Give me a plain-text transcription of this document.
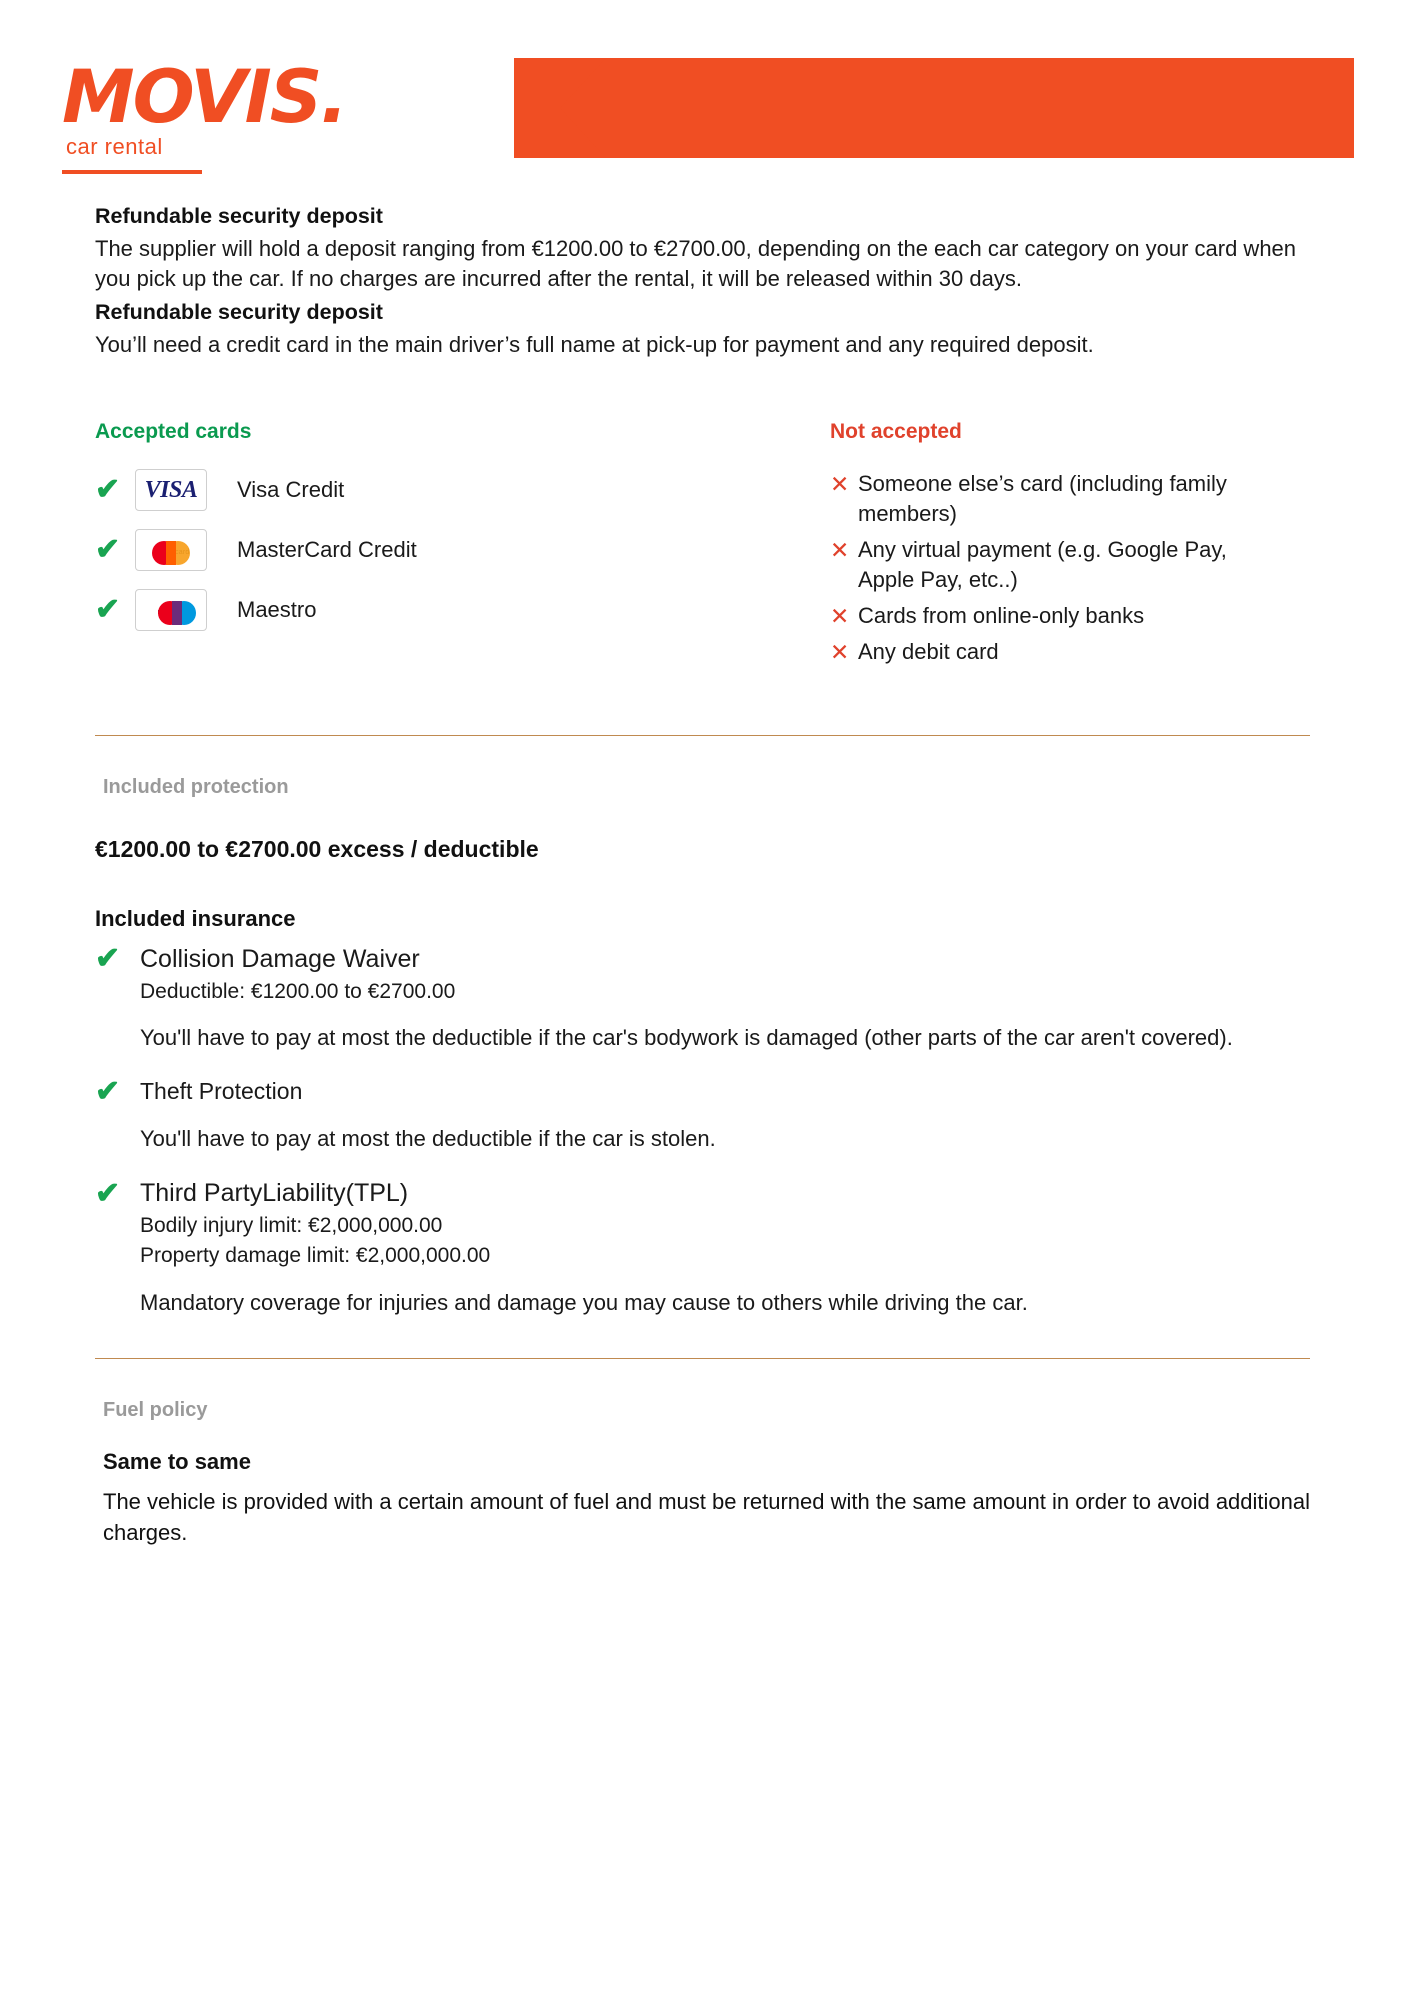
MOVIS.
car rental
Refundable security deposit

The supplier will hold a deposit ranging from €1200.00 to €2700.00, depending on the each car category on your card when you pick up the car. If no charges are incurred after the rental, it will be released within 30 days.

Refundable security deposit

You’ll need a credit card in the main driver’s full name at pick-up for payment and any required deposit.

Accepted cards
✔	VISA Visa Credit
✔	MasterCard Credit
✔	Maestro
Not accepted
✕ Someone else’s card (including family members)
✕ Any virtual payment (e.g. Google Pay, Apple Pay, etc..)
✕ Cards from online-only banks
✕ Any debit card
Included protection
€1200.00 to €2700.00 excess / deductible
Included insurance
✔ Collision Damage Waiver
Deductible: €1200.00 to €2700.00
You'll have to pay at most the deductible if the car's bodywork is damaged (other parts of the car aren't covered).
✔ Theft Protection
You'll have to pay at most the deductible if the car is stolen.
✔ Third PartyLiability(TPL)
Bodily injury limit: €2,000,000.00
Property damage limit: €2,000,000.00
Mandatory coverage for injuries and damage you may cause to others while driving the car.
Fuel policy
Same to same
The vehicle is provided with a certain amount of fuel and must be returned with the same amount in order to avoid additional charges.
